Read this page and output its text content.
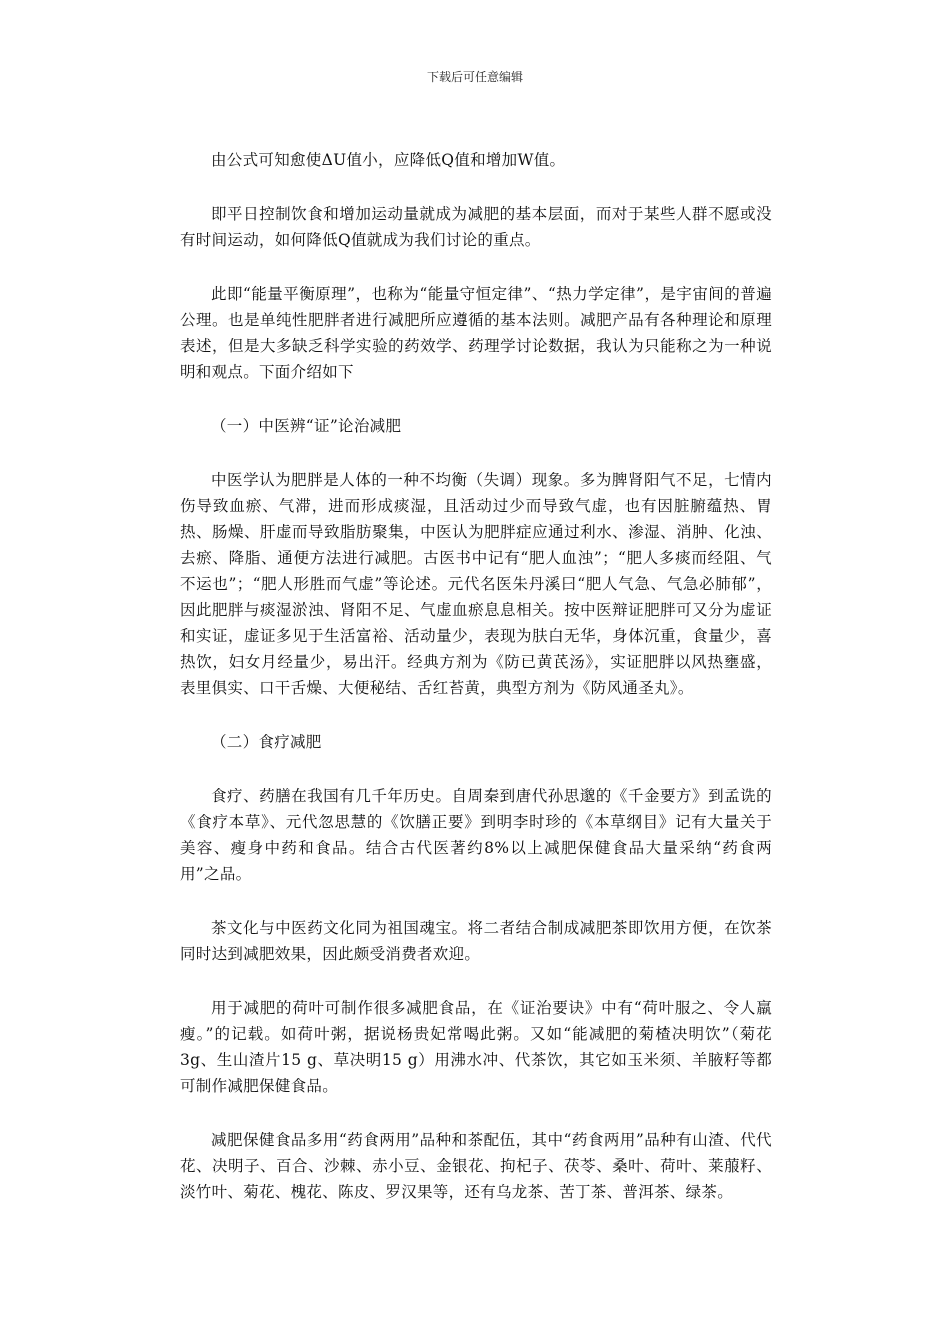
下载后可任意编辑

由公式可知愈使ΔU值小，应降低Q值和增加W值。

即平日控制饮食和增加运动量就成为减肥的基本层面，而对于某些人群不愿或没有时间运动，如何降低Q值就成为我们讨论的重点。

此即“能量平衡原理”，也称为“能量守恒定律”、“热力学定律”，是宇宙间的普遍公理。也是单纯性肥胖者进行减肥所应遵循的基本法则。减肥产品有各种理论和原理表述，但是大多缺乏科学实验的药效学、药理学讨论数据，我认为只能称之为一种说明和观点。下面介绍如下

（一）中医辨“证”论治减肥

中医学认为肥胖是人体的一种不均衡（失调）现象。多为脾肾阳气不足，七情内伤导致血瘀、气滞，进而形成痰湿，且活动过少而导致气虚，也有因脏腑蕴热、胃热、肠燥、肝虚而导致脂肪聚集，中医认为肥胖症应通过利水、渗湿、消肿、化浊、去瘀、降脂、通便方法进行减肥。古医书中记有“肥人血浊”；“肥人多痰而经阻、气不运也”；“肥人形胜而气虚”等论述。元代名医朱丹溪曰“肥人气急、气急必肺郁”，因此肥胖与痰湿淤浊、肾阳不足、气虚血瘀息息相关。按中医辩证肥胖可又分为虚证和实证，虚证多见于生活富裕、活动量少，表现为肤白无华，身体沉重，食量少，喜热饮，妇女月经量少，易出汗。经典方剂为《防已黄芪汤》，实证肥胖以风热壅盛，表里俱实、口干舌燥、大便秘结、舌红苔黄，典型方剂为《防风通圣丸》。

（二）食疗减肥

食疗、药膳在我国有几千年历史。自周秦到唐代孙思邈的《千金要方》到孟诜的《食疗本草》、元代忽思慧的《饮膳正要》到明李时珍的《本草纲目》记有大量关于美容、瘦身中药和食品。结合古代医著约8%以上减肥保健食品大量采纳“药食两用”之品。

茶文化与中医药文化同为祖国魂宝。将二者结合制成减肥茶即饮用方便，在饮茶同时达到减肥效果，因此颇受消费者欢迎。

用于减肥的荷叶可制作很多减肥食品，在《证治要诀》中有“荷叶服之、令人羸瘦。”的记载。如荷叶粥，据说杨贵妃常喝此粥。又如“能减肥的菊楂决明饮”（菊花3g、生山渣片15 g、草决明15 g）用沸水冲、代茶饮，其它如玉米须、羊腋籽等都可制作减肥保健食品。

减肥保健食品多用“药食两用”品种和茶配伍，其中“药食两用”品种有山渣、代代花、决明子、百合、沙棘、赤小豆、金银花、拘杞子、茯苓、桑叶、荷叶、莱菔籽、淡竹叶、菊花、槐花、陈皮、罗汉果等，还有乌龙茶、苦丁茶、普洱茶、绿茶。
